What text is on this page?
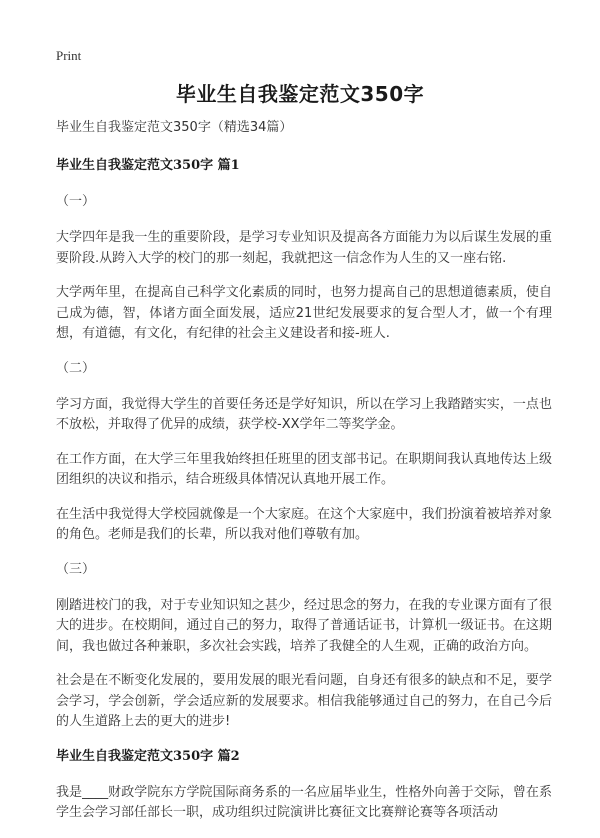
Print
毕业生自我鉴定范文350字

毕业生自我鉴定范文350字（精选34篇）

毕业生自我鉴定范文350字 篇1

（一）

大学四年是我一生的重要阶段，是学习专业知识及提高各方面能力为以后谋生发展的重要阶段.从跨入大学的校门的那一刻起，我就把这一信念作为人生的又一座右铭.

大学两年里，在提高自己科学文化素质的同时，也努力提高自己的思想道德素质，使自己成为德，智，体诸方面全面发展，适应21世纪发展要求的复合型人才，做一个有理想，有道德，有文化，有纪律的社会主义建设者和接-班人.

（二）

学习方面，我觉得大学生的首要任务还是学好知识，所以在学习上我踏踏实实，一点也不放松，并取得了优异的成绩，获学校-XX学年二等奖学金。

在工作方面，在大学三年里我始终担任班里的团支部书记。在职期间我认真地传达上级团组织的决议和指示，结合班级具体情况认真地开展工作。

在生活中我觉得大学校园就像是一个大家庭。在这个大家庭中，我们扮演着被培养对象的角色。老师是我们的长辈，所以我对他们尊敬有加。

（三）

刚踏进校门的我，对于专业知识知之甚少，经过思念的努力，在我的专业课方面有了很大的进步。在校期间，通过自己的努力，取得了普通话证书，计算机一级证书。在这期间，我也做过各种兼职，多次社会实践，培养了我健全的人生观，正确的政治方向。

社会是在不断变化发展的，要用发展的眼光看问题，自身还有很多的缺点和不足，要学会学习，学会创新，学会适应新的发展要求。相信我能够通过自己的努力，在自己今后的人生道路上去的更大的进步!

毕业生自我鉴定范文350字 篇2

我是____财政学院东方学院国际商务系的一名应届毕业生，性格外向善于交际，曾在系学生会学习部任部长一职，成功组织过院演讲比赛征文比赛辩论赛等各项活动
